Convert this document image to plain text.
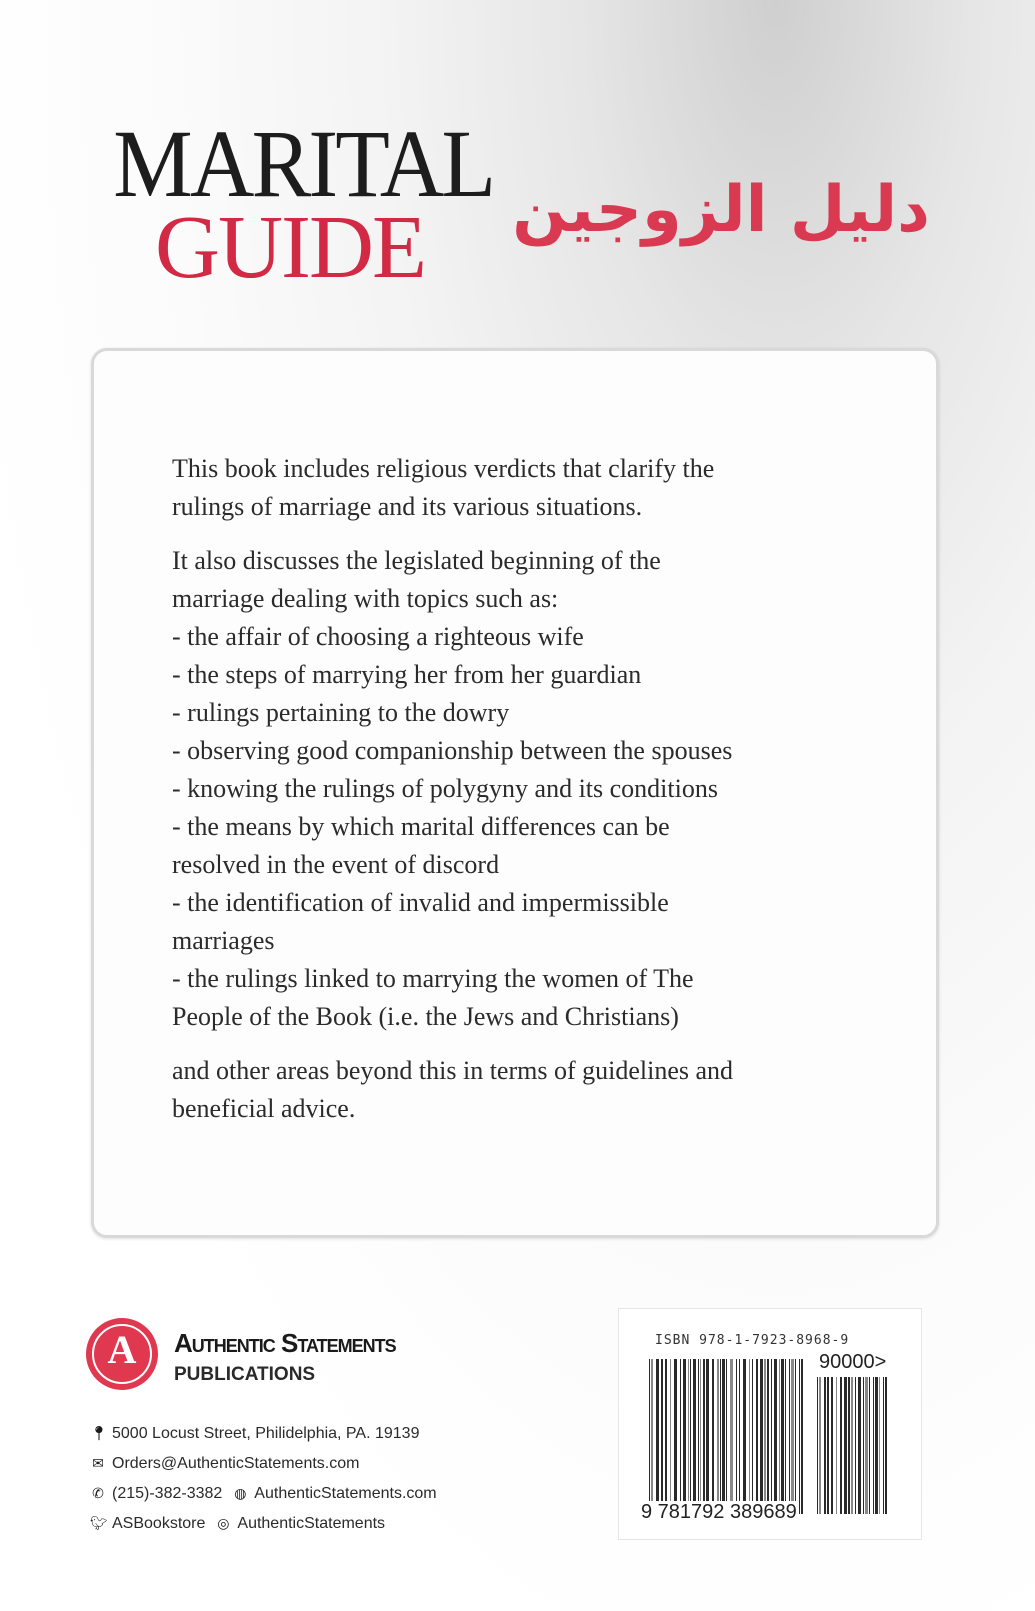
MARITAL
GUIDE	دليل الزوجين

This book includes religious verdicts that clarify the
rulings of marriage and its various situations.

It also discusses the legislated beginning of the
marriage dealing with topics such as:
- the affair of choosing a righteous wife
- the steps of marrying her from her guardian
- rulings pertaining to the dowry
- observing good companionship between the spouses
- knowing the rulings of polygyny and its conditions
- the means by which marital differences can be
resolved in the event of discord
- the identification of invalid and impermissible
marriages
- the rulings linked to marrying the women of The
People of the Book (i.e. the Jews and Christians)

and other areas beyond this in terms of guidelines and
beneficial advice.

A	Authentic Statements
PUBLICATIONS
📍︎ 5000 Locust Street, Philidelphia, PA. 19139
✉ Orders@AuthenticStatements.com
✆ (215)-382-3382 ◍ AuthenticStatements.com
🐦︎ ASBookstore ◎ AuthenticStatements
ISBN 978-1-7923-8968-9
90000>
9 781792 389689
